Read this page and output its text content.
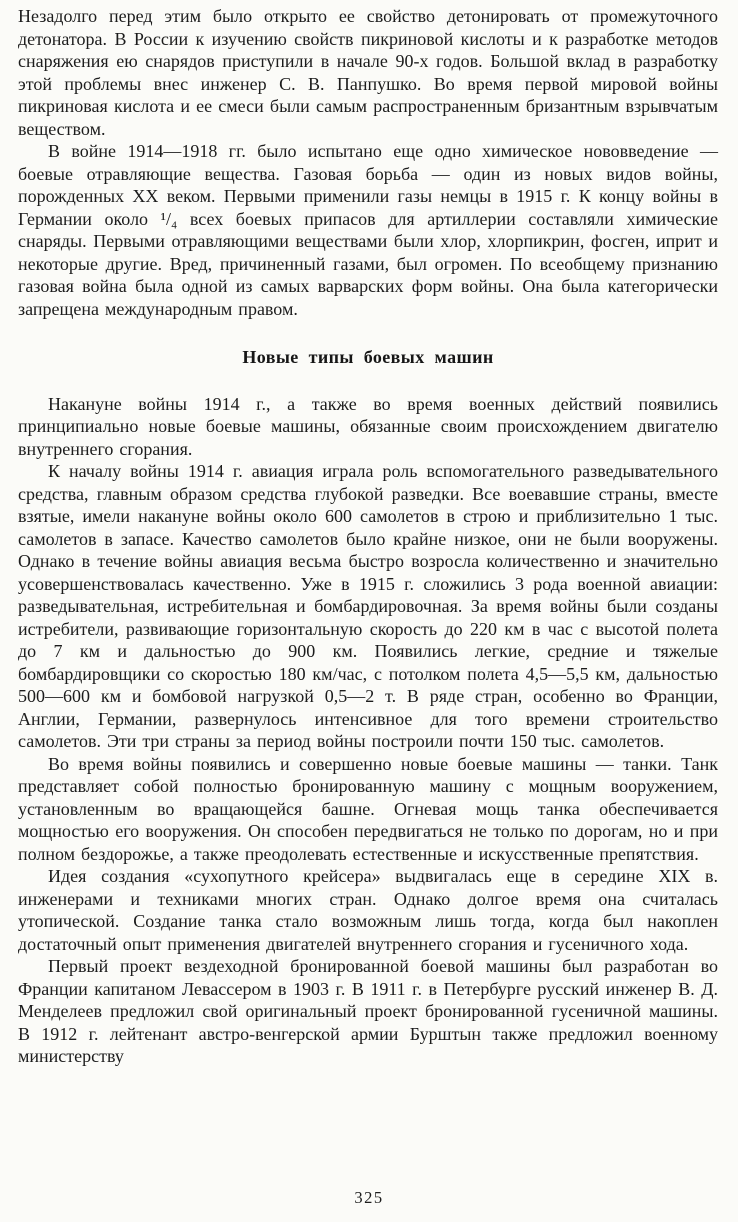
Незадолго перед этим было открыто ее свойство детонировать от промежуточного детонатора. В России к изучению свойств пикриновой кислоты и к разработке методов снаряжения ею снарядов приступили в начале 90-х годов. Большой вклад в разработку этой проблемы внес инженер С. В. Панпушко. Во время первой мировой войны пикриновая кислота и ее смеси были самым распространенным бризантным взрывчатым веществом.

В войне 1914—1918 гг. было испытано еще одно химическое нововведение — боевые отравляющие вещества. Газовая борьба — один из новых видов войны, порожденных XX веком. Первыми применили газы немцы в 1915 г. К концу войны в Германии около ¹/₄ всех боевых припасов для артиллерии составляли химические снаряды. Первыми отравляющими веществами были хлор, хлорпикрин, фосген, иприт и некоторые другие. Вред, причиненный газами, был огромен. По всеобщему признанию газовая война была одной из самых варварских форм войны. Она была категорически запрещена международным правом.

Новые типы боевых машин

Накануне войны 1914 г., а также во время военных действий появились принципиально новые боевые машины, обязанные своим происхождением двигателю внутреннего сгорания.

К началу войны 1914 г. авиация играла роль вспомогательного разведывательного средства, главным образом средства глубокой разведки. Все воевавшие страны, вместе взятые, имели накануне войны около 600 самолетов в строю и приблизительно 1 тыс. самолетов в запасе. Качество самолетов было крайне низкое, они не были вооружены. Однако в течение войны авиация весьма быстро возросла количественно и значительно усовершенствовалась качественно. Уже в 1915 г. сложились 3 рода военной авиации: разведывательная, истребительная и бомбардировочная. За время войны были созданы истребители, развивающие горизонтальную скорость до 220 км в час с высотой полета до 7 км и дальностью до 900 км. Появились легкие, средние и тяжелые бомбардировщики со скоростью 180 км/час, с потолком полета 4,5—5,5 км, дальностью 500—600 км и бомбовой нагрузкой 0,5—2 т. В ряде стран, особенно во Франции, Англии, Германии, развернулось интенсивное для того времени строительство самолетов. Эти три страны за период войны построили почти 150 тыс. самолетов.

Во время войны появились и совершенно новые боевые машины — танки. Танк представляет собой полностью бронированную машину с мощным вооружением, установленным во вращающейся башне. Огневая мощь танка обеспечивается мощностью его вооружения. Он способен передвигаться не только по дорогам, но и при полном бездорожье, а также преодолевать естественные и искусственные препятствия.

Идея создания «сухопутного крейсера» выдвигалась еще в середине XIX в. инженерами и техниками многих стран. Однако долгое время она считалась утопической. Создание танка стало возможным лишь тогда, когда был накоплен достаточный опыт применения двигателей внутреннего сгорания и гусеничного хода.

Первый проект вездеходной бронированной боевой машины был разработан во Франции капитаном Левассером в 1903 г. В 1911 г. в Петербурге русский инженер В. Д. Менделеев предложил свой оригинальный проект бронированной гусеничной машины. В 1912 г. лейтенант австро-венгерской армии Бурштын также предложил военному министерству

325
